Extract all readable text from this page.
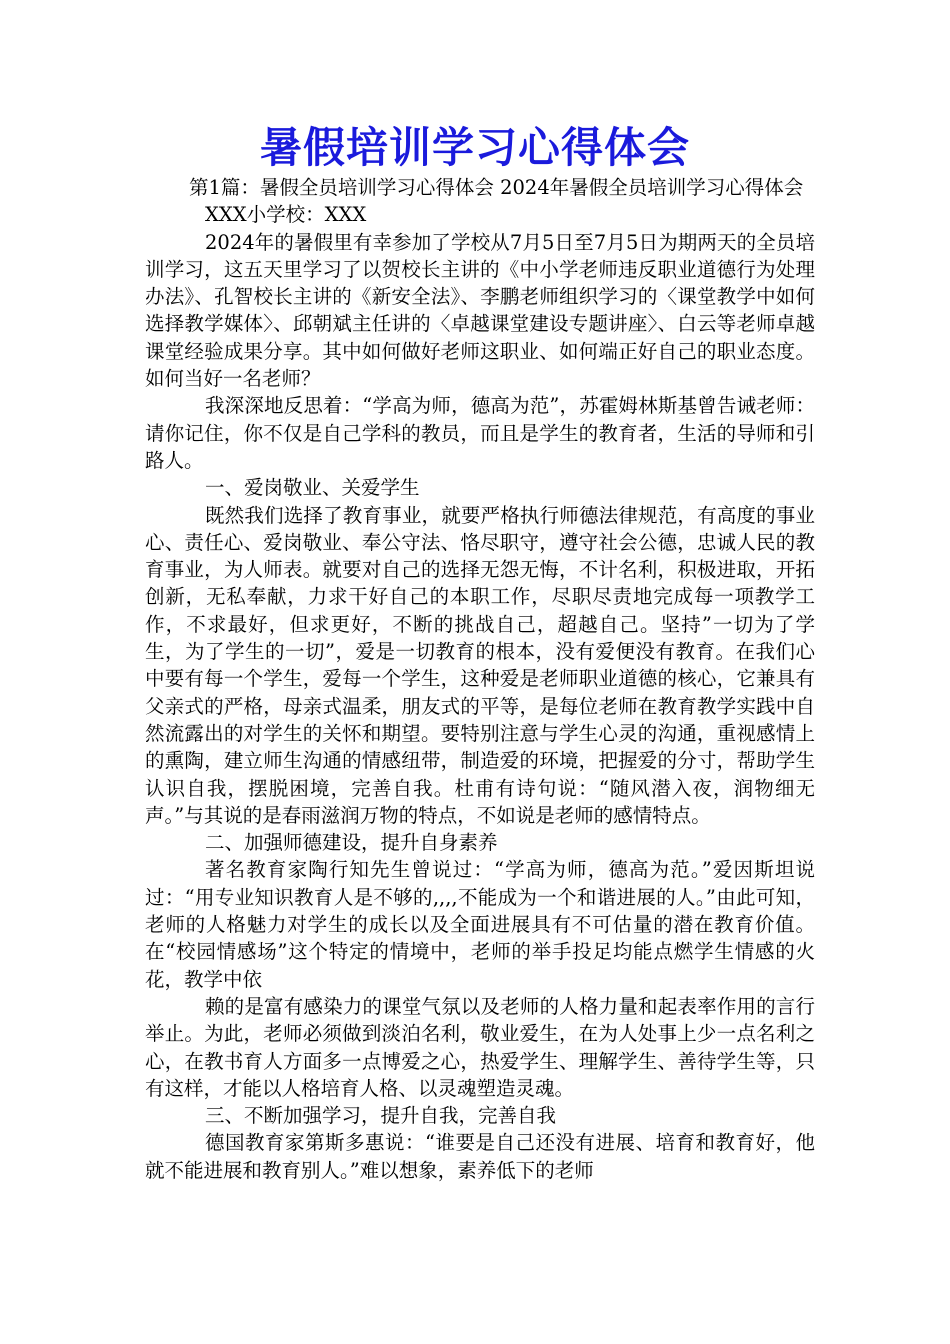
暑假培训学习心得体会

第1篇：暑假全员培训学习心得体会 2024年暑假全员培训学习心得体会

XXX小学校：XXX

2024年的暑假里有幸参加了学校从7月5日至7月5日为期两天的全员培训学习，这五天里学习了以贺校长主讲的《中小学老师违反职业道德行为处理办法》、孔智校长主讲的《新安全法》、李鹏老师组织学习的〈课堂教学中如何选择教学媒体〉、邱朝斌主任讲的〈卓越课堂建设专题讲座〉、白云等老师卓越课堂经验成果分享。其中如何做好老师这职业、如何端正好自己的职业态度。如何当好一名老师？

我深深地反思着：“学高为师，德高为范”，苏霍姆林斯基曾告诫老师：请你记住，你不仅是自己学科的教员，而且是学生的教育者，生活的导师和引路人。

一、爱岗敬业、关爱学生

既然我们选择了教育事业，就要严格执行师德法律规范，有高度的事业心、责任心、爱岗敬业、奉公守法、恪尽职守，遵守社会公德，忠诚人民的教育事业，为人师表。就要对自己的选择无怨无悔，不计名利，积极进取，开拓创新，无私奉献，力求干好自己的本职工作，尽职尽责地完成每一项教学工作，不求最好，但求更好，不断的挑战自己，超越自己。坚持”一切为了学生，为了学生的一切”，爱是一切教育的根本，没有爱便没有教育。在我们心中要有每一个学生，爱每一个学生，这种爱是老师职业道德的核心，它兼具有父亲式的严格，母亲式温柔，朋友式的平等，是每位老师在教育教学实践中自然流露出的对学生的关怀和期望。要特别注意与学生心灵的沟通，重视感情上的熏陶，建立师生沟通的情感纽带，制造爱的环境，把握爱的分寸，帮助学生认识自我，摆脱困境，完善自我。杜甫有诗句说：“随风潜入夜，润物细无声。”与其说的是春雨滋润万物的特点，不如说是老师的感情特点。

二、加强师德建设，提升自身素养

著名教育家陶行知先生曾说过：“学高为师，德高为范。”爱因斯坦说过：“用专业知识教育人是不够的,,,,不能成为一个和谐进展的人。”由此可知，老师的人格魅力对学生的成长以及全面进展具有不可估量的潜在教育价值。在“校园情感场”这个特定的情境中，老师的举手投足均能点燃学生情感的火花，教学中依

赖的是富有感染力的课堂气氛以及老师的人格力量和起表率作用的言行举止。为此，老师必须做到淡泊名利，敬业爱生，在为人处事上少一点名利之心，在教书育人方面多一点博爱之心，热爱学生、理解学生、善待学生等，只有这样，才能以人格培育人格、以灵魂塑造灵魂。

三、不断加强学习，提升自我，完善自我

德国教育家第斯多惠说：“谁要是自己还没有进展、培育和教育好，他就不能进展和教育别人。”难以想象，素养低下的老师
